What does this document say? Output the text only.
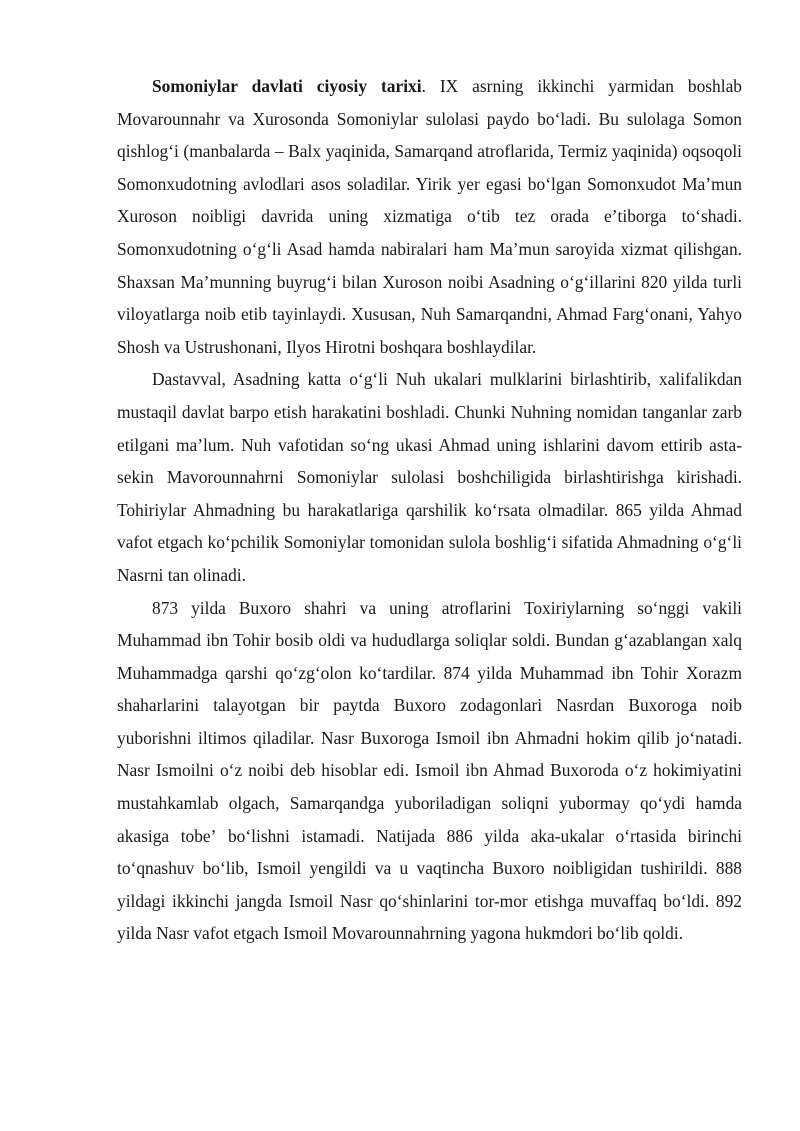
Somoniylar davlati ciyosiy tarixi. IX asrning ikkinchi yarmidan boshlab Movarounnahr va Xurosonda Somoniylar sulolasi paydo boʻladi. Bu sulolaga Somon qishlogʻi (manbalarda – Balx yaqinida, Samarqand atroflarida, Termiz yaqinida) oqsoqoli Somonxudotning avlodlari asos soladilar. Yirik yer egasi boʻlgan Somonxudot Maʼmun Xuroson noibligi davrida uning xizmatiga oʻtib tez orada eʼtiborga toʻshadi. Somonxudotning oʻgʻli Asad hamda nabiralari ham Maʼmun saroyida xizmat qilishgan. Shaxsan Maʼmunning buyrugʻi bilan Xuroson noibi Asadning oʻgʻillarini 820 yilda turli viloyatlarga noib etib tayinlaydi. Xususan, Nuh Samarqandni, Ahmad Fargʻonani, Yahyo Shosh va Ustrushonani, Ilyos Hirotni boshqara boshlaydilar.

Dastavval, Asadning katta oʻgʻli Nuh ukalari mulklarini birlashtirib, xalifalikdan mustaqil davlat barpo etish harakatini boshladi. Chunki Nuhning nomidan tanganlar zarb etilgani maʼlum. Nuh vafotidan soʻng ukasi Ahmad uning ishlarini davom ettirib asta-sekin Mavorounnahrni Somoniylar sulolasi boshchiligida birlashtirishga kirishadi. Tohiriylar Ahmadning bu harakatlariga qarshilik koʻrsata olmadilar. 865 yilda Ahmad vafot etgach koʻpchilik Somoniylar tomonidan sulola boshligʻi sifatida Ahmadning oʻgʻli Nasrni tan olinadi.

873 yilda Buxoro shahri va uning atroflarini Toxiriylarning soʻnggi vakili Muhammad ibn Tohir bosib oldi va hududlarga soliqlar soldi. Bundan gʻazablangan xalq Muhammadga qarshi qoʻzgʻolon koʻtardilar. 874 yilda Muhammad ibn Tohir Xorazm shaharlarini talayotgan bir paytda Buxoro zodagonlari Nasrdan Buxoroga noib yuborishni iltimos qiladilar. Nasr Buxoroga Ismoil ibn Ahmadni hokim qilib joʻnatadi. Nasr Ismoilni oʻz noibi deb hisoblar edi. Ismoil ibn Ahmad Buxoroda oʻz hokimiyatini mustahkamlab olgach, Samarqandga yuboriladigan soliqni yubormay qoʻydi hamda akasiga tobeʼ boʻlishni istamadi. Natijada 886 yilda aka-ukalar oʻrtasida birinchi toʻqnashuv boʻlib, Ismoil yengildi va u vaqtincha Buxoro noibligidan tushirildi. 888 yildagi ikkinchi jangda Ismoil Nasr qoʻshinlarini tor-mor etishga muvaffaq boʻldi. 892 yilda Nasr vafot etgach Ismoil Movarounnahrning yagona hukmdori boʻlib qoldi.
